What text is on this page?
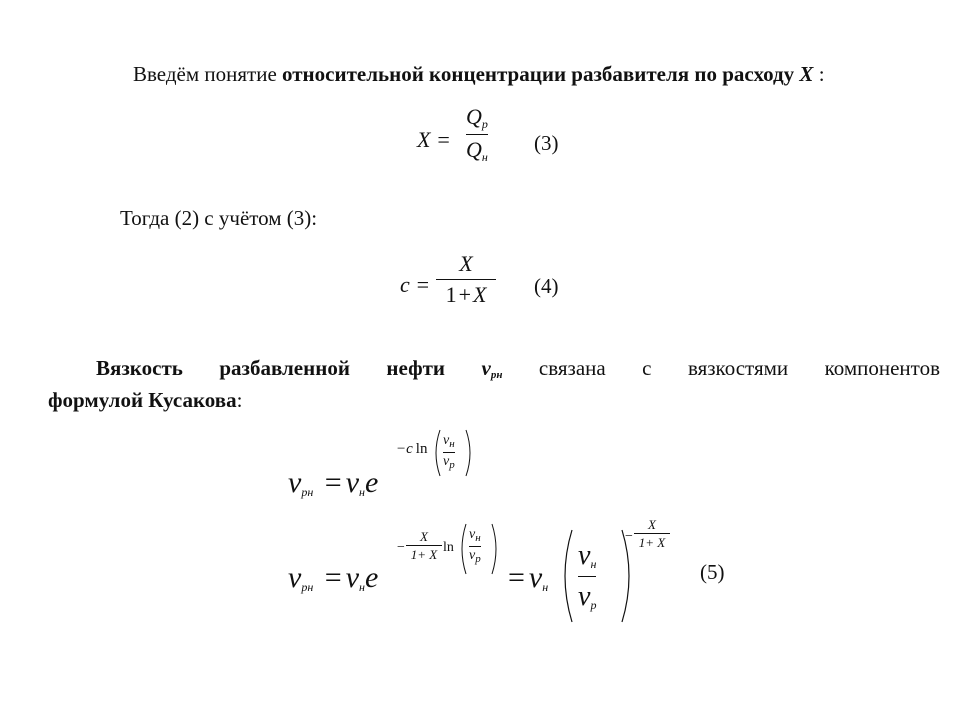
Введём понятие относительной концентрации разбавителя по расходу X :
X =
$Q_p$
$Q_н$
(3)
Тогда (2) с учётом (3):
c =
X
1+X (4)
Вязкость разбавленной нефти νрн связана с вязкостями компонентов
формулой Кусакова:
$\nu_{рн} = \nu_нe$
−c ln
$\nu_н$
$\nu_р$
$\nu_{рн} = \nu_нe$
−
X
1+ X ln
$\nu_н$
$\nu_р$
= $\nu_н$
$\nu_н$
$\nu_р$
−
X
1+ X
(5)
